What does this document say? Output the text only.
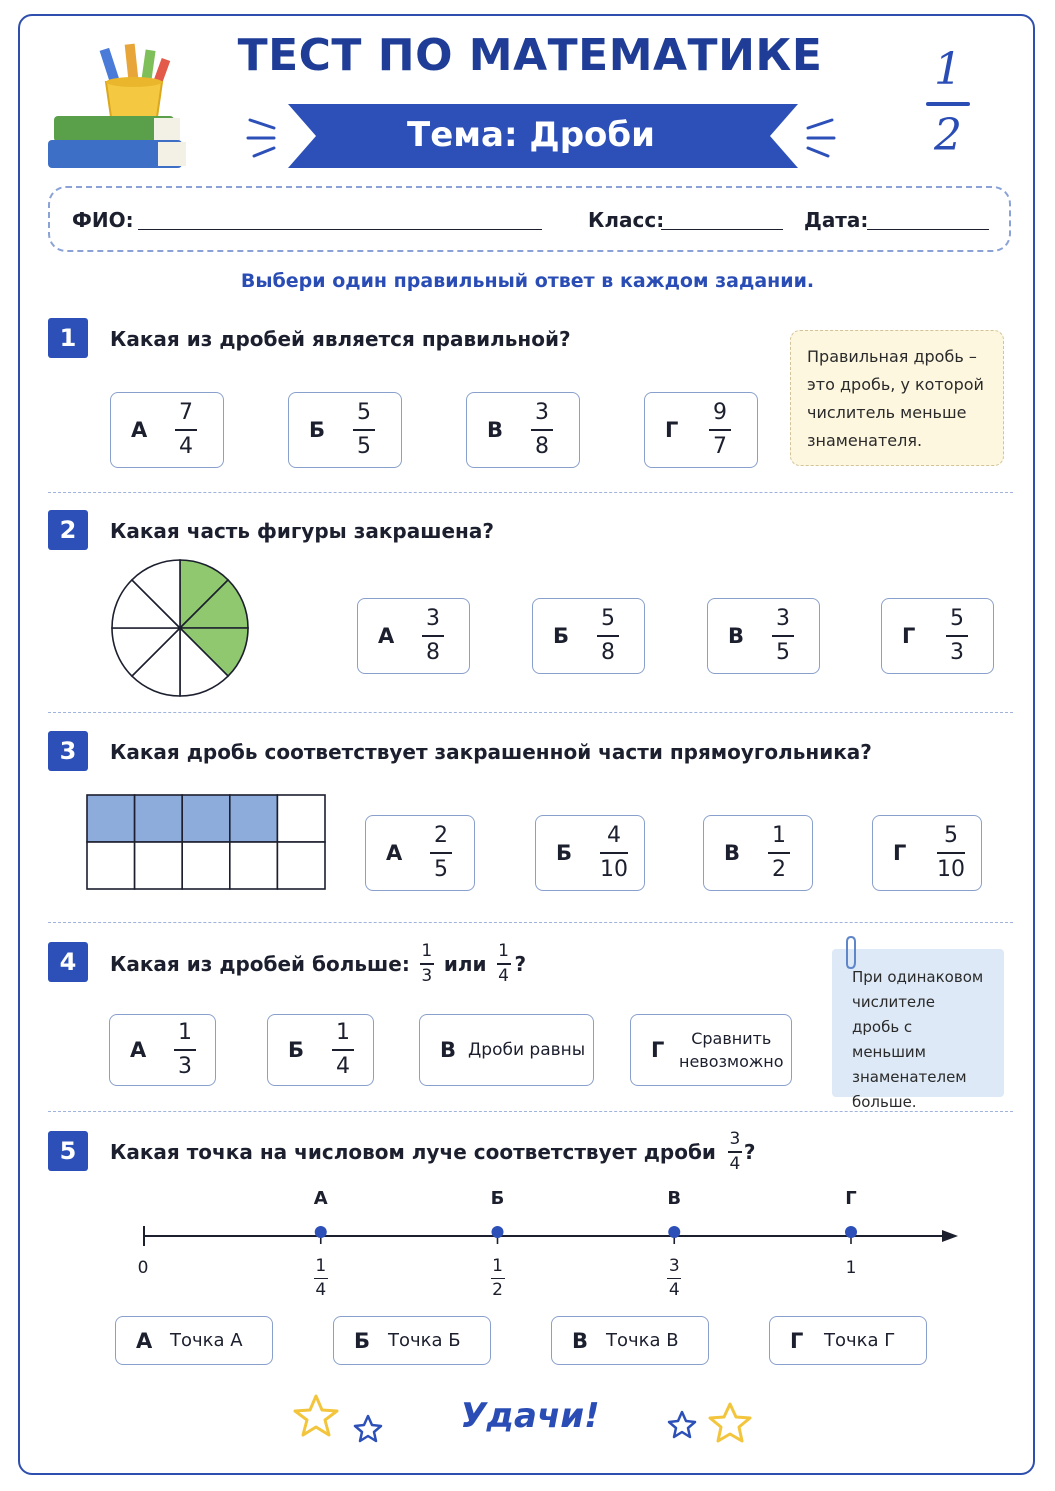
ТЕСТ ПО МАТЕМАТИКЕ
Тема: Дроби
1
2
ФИО:	Класс:	Дата:
Выбери один правильный ответ в каждом задании.
1	Какая из дробей является правильной?
А $\frac{7}{4}$	Б $\frac{5}{5}$	В $\frac{3}{8}$	Г	$\frac{9}{7}$
Правильная дробь – это дробь, у которой числитель меньше знаменателя.
2	Какая часть фигуры закрашена?
А $\frac{3}{8}$	Б $\frac{5}{8}$	В $\frac{3}{5}$	Г	$\frac{5}{3}$
3	Какая дробь соответствует закрашенной части прямоугольника?
А $\frac{2}{5}$	Б $\frac{4}{10}$	В $\frac{1}{2}$	Г	$\frac{5}{10}$
4	Какая из дробей больше: $\frac{1}{3}$ или $\frac{1}{4}$ ?
А $\frac{1}{3}$	Б $\frac{1}{4}$	В Дроби равны	Г	Сравнить
невозможно
При одинаковом числителе дробь с меньшим знаменателем больше.
5	Какая точка на числовом луче соответствует дроби $\frac{3}{4}$ ?
0
А
$\frac{1}{4}$
Б
$\frac{1}{2}$
В
$\frac{3}{4}$
Г
1
А Точка А	Б Точка Б	В Точка В	Г	Точка Г
Удачи!
